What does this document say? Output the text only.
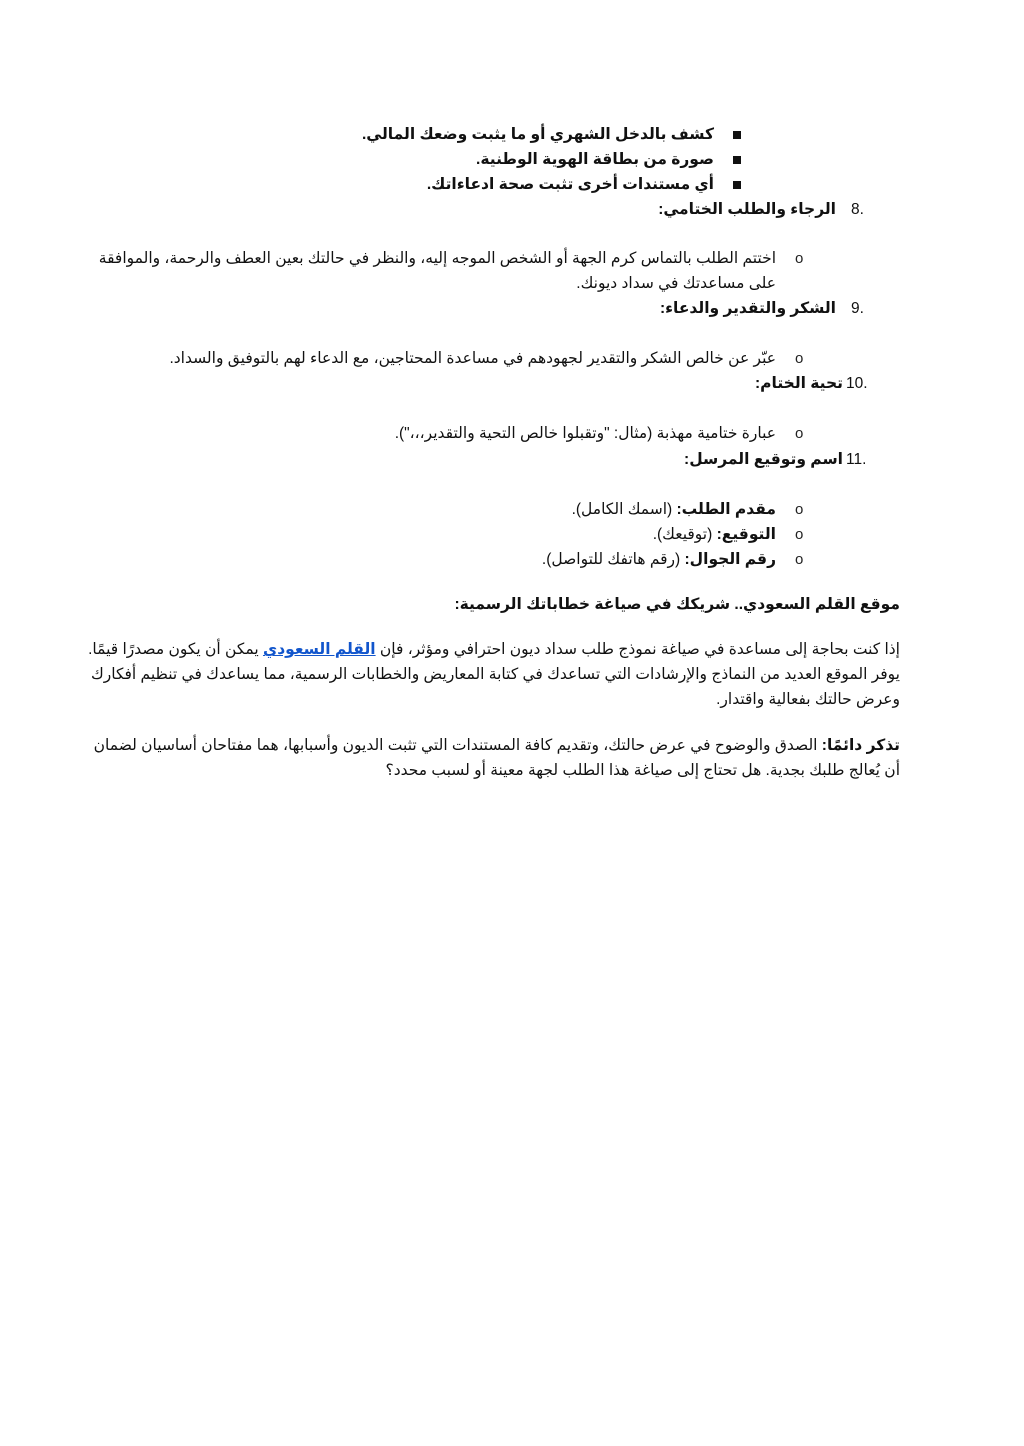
كشف بالدخل الشهري أو ما يثبت وضعك المالي.
صورة من بطاقة الهوية الوطنية.
أي مستندات أخرى تثبت صحة ادعاءاتك.
8.
الرجاء والطلب الختامي:
o
اختتم الطلب بالتماس كرم الجهة أو الشخص الموجه إليه، والنظر في حالتك بعين العطف والرحمة، والموافقة
على مساعدتك في سداد ديونك.
9.
الشكر والتقدير والدعاء:
o
عبّر عن خالص الشكر والتقدير لجهودهم في مساعدة المحتاجين، مع الدعاء لهم بالتوفيق والسداد.
10.
تحية الختام:
o
عبارة ختامية مهذبة (مثال: "وتقبلوا خالص التحية والتقدير،،،").
11.
اسم وتوقيع المرسل:
o
مقدم الطلب: (اسمك الكامل).
o
التوقيع: (توقيعك).
o
رقم الجوال: (رقم هاتفك للتواصل).
موقع القلم السعودي.. شريكك في صياغة خطاباتك الرسمية:
إذا كنت بحاجة إلى مساعدة في صياغة نموذج طلب سداد ديون احترافي ومؤثر، فإن القلم السعودي يمكن أن يكون مصدرًا قيمًا.
يوفر الموقع العديد من النماذج والإرشادات التي تساعدك في كتابة المعاريض والخطابات الرسمية، مما يساعدك في تنظيم أفكارك
وعرض حالتك بفعالية واقتدار.
تذكر دائمًا: الصدق والوضوح في عرض حالتك، وتقديم كافة المستندات التي تثبت الديون وأسبابها، هما مفتاحان أساسيان لضمان
أن يُعالج طلبك بجدية. هل تحتاج إلى صياغة هذا الطلب لجهة معينة أو لسبب محدد؟
